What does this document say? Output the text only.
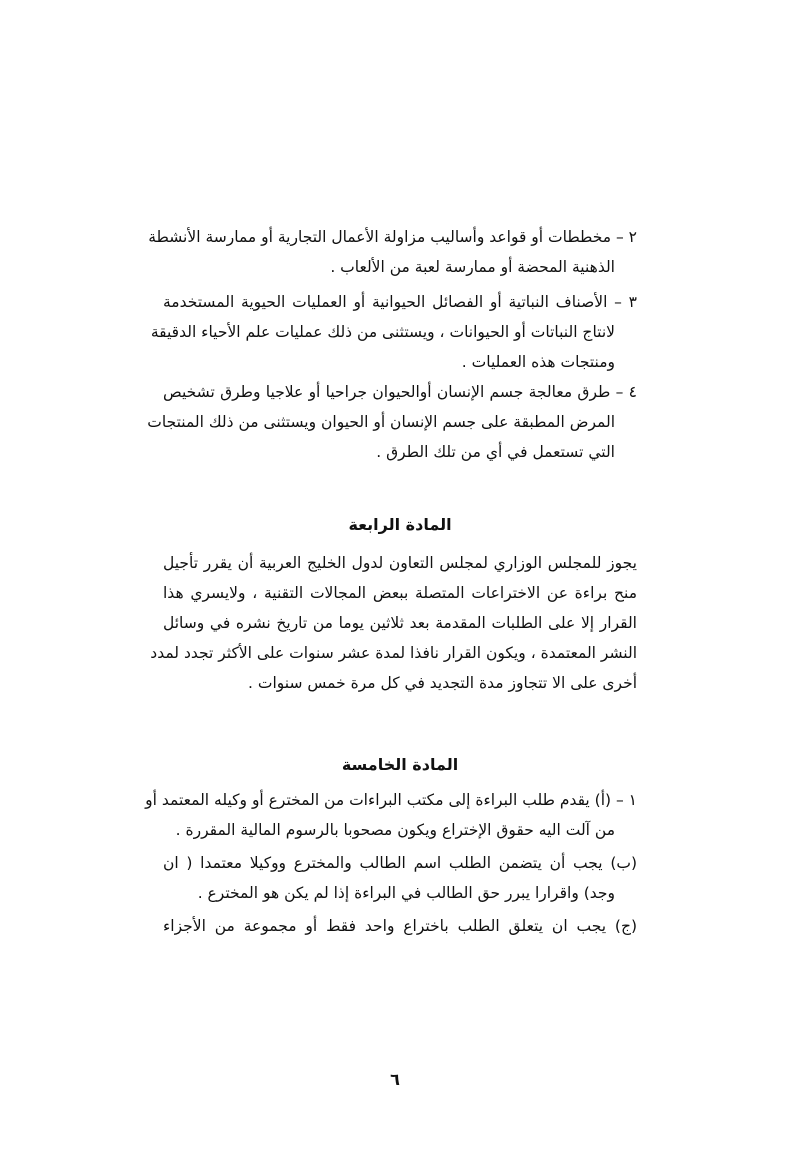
٢ – مخططات أو قواعد وأساليب مزاولة الأعمال التجارية أو ممارسة الأنشطة
الذهنية المحضة أو ممارسة لعبة من الألعاب .
٣ – الأصناف النباتية أو الفصائل الحيوانية أو العمليات الحيوية المستخدمة
لانتاج النباتات أو الحيوانات ، ويستثنى من ذلك عمليات علم الأحياء الدقيقة
ومنتجات هذه العمليات .
٤ – طرق معالجة جسم الإنسان أوالحيوان جراحيا أو علاجيا وطرق تشخيص
المرض المطبقة على جسم الإنسان أو الحيوان ويستثنى من ذلك المنتجات
التي تستعمل في أي من تلك الطرق .
المادة الرابعة
يجوز للمجلس الوزاري لمجلس التعاون لدول الخليج العربية أن يقرر تأجيل
منح براءة عن الاختراعات المتصلة ببعض المجالات التقنية ، ولايسري هذا
القرار إلا على الطلبات المقدمة بعد ثلاثين يوما من تاريخ نشره في وسائل
النشر المعتمدة ، ويكون القرار نافذا لمدة عشر سنوات على الأكثر تجدد لمدد
أخرى على الا تتجاوز مدة التجديد في كل مرة خمس سنوات .
المادة الخامسة
١ – (أ) يقدم طلب البراءة إلى مكتب البراءات من المخترع أو وكيله المعتمد أو
من آلت اليه حقوق الإختراع ويكون مصحوبا بالرسوم المالية المقررة .
(ب) يجب أن يتضمن الطلب اسم الطالب والمخترع ووكيلا معتمدا ( ان
وجد) واقرارا يبرر حق الطالب في البراءة إذا لم يكن هو المخترع .
(ج) يجب ان يتعلق الطلب باختراع واحد فقط أو مجموعة من الأجزاء
٦
